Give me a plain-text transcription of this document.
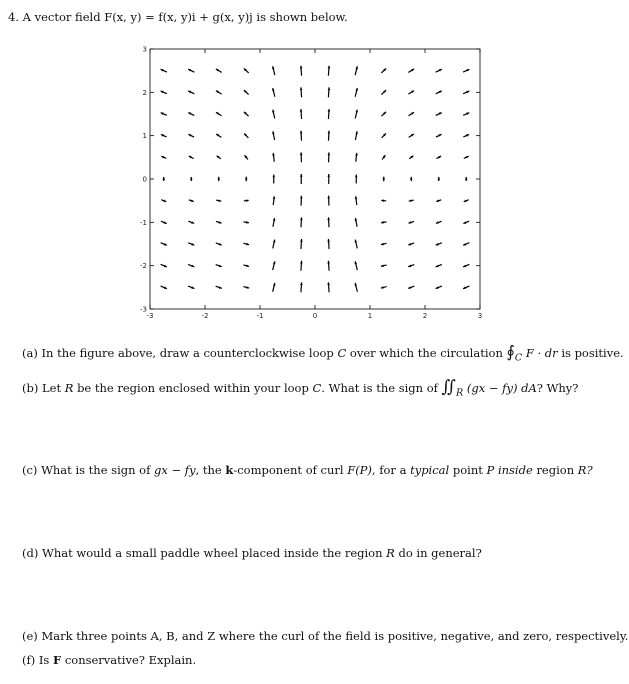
4. A vector field F(x, y) = f(x, y)i + g(x, y)j is shown below.
-3	-2	-1	0	1	2	3
3
2
1
0
-1
-2
-3
(a) In the figure above, draw a counterclockwise loop C over which the circulation $∮_C$ F · dr is positive.
(b) Let R be the region enclosed within your loop C. What is the sign of $∬_R$ (gx − fy) dA? Why?
(c) What is the sign of gx − fy, the k-component of curl F(P), for a typical point P inside region R?
(d) What would a small paddle wheel placed inside the region R do in general?
(e) Mark three points A, B, and Z where the curl of the field is positive, negative, and zero, respectively.
(f) Is F conservative? Explain.
